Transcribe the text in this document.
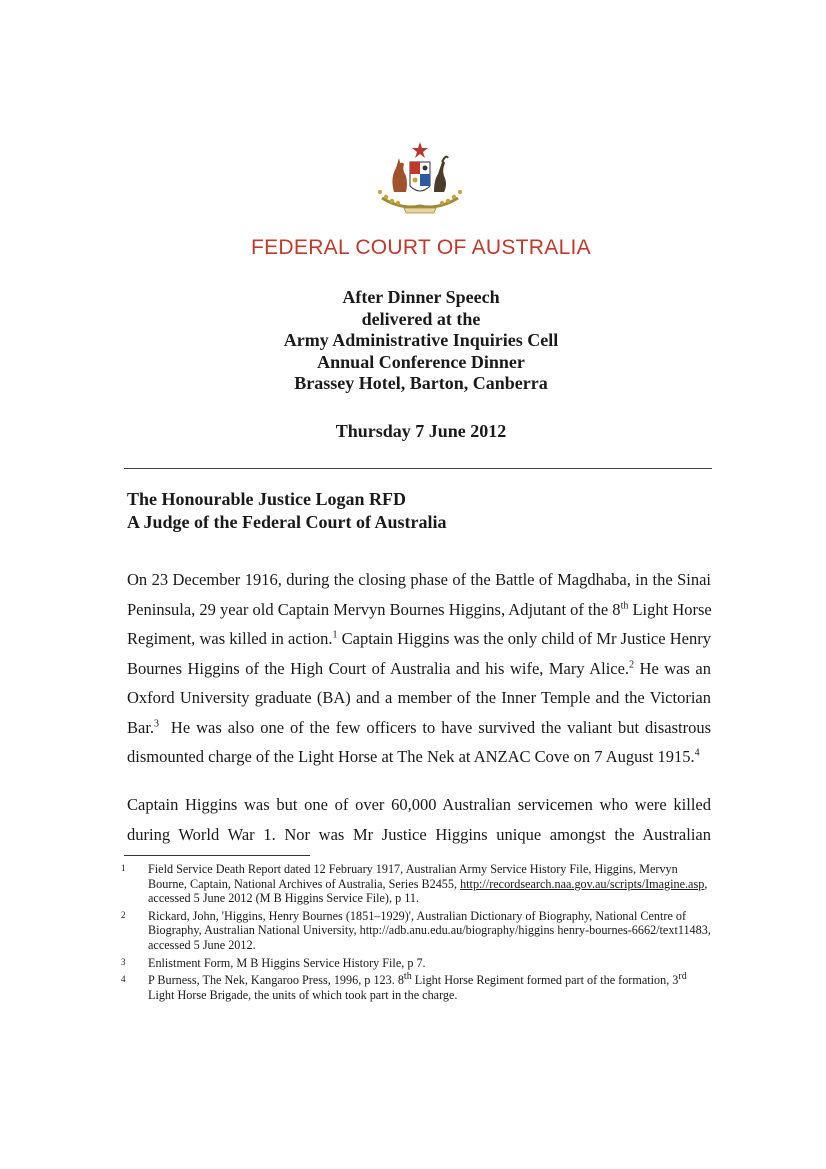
FEDERAL COURT OF AUSTRALIA
After Dinner Speech
delivered at the
Army Administrative Inquiries Cell
Annual Conference Dinner
Brassey Hotel, Barton, Canberra
Thursday 7 June 2012
The Honourable Justice Logan RFD
A Judge of the Federal Court of Australia
On 23 December 1916, during the closing phase of the Battle of Magdhaba, in the Sinai
Peninsula, 29 year old Captain Mervyn Bournes Higgins, Adjutant of the 8th Light Horse
Regiment, was killed in action.$^1$ Captain Higgins was the only child of Mr Justice Henry
Bournes Higgins of the High Court of Australia and his wife, Mary Alice.$^2$ He was an
Oxford University graduate (BA) and a member of the Inner Temple and the Victorian
Bar.$^3$  He was also one of the few officers to have survived the valiant but disastrous
dismounted charge of the Light Horse at The Nek at ANZAC Cove on 7 August 1915.$^4$
Captain Higgins was but one of over 60,000 Australian servicemen who were killed
during World War 1. Nor was Mr Justice Higgins unique amongst the Australian
1	Field Service Death Report dated 12 February 1917, Australian Army Service History File, Higgins, Mervyn Bourne, Captain, National Archives of Australia, Series B2455, http://recordsearch.naa.gov.au/scripts/Imagine.asp, accessed 5 June 2012 (M B Higgins Service File), p 11.
2	Rickard, John, 'Higgins, Henry Bournes (1851–1929)', Australian Dictionary of Biography, National Centre of Biography, Australian National University, http://adb.anu.edu.au/biography/higgins henry-bournes-6662/text11483, accessed 5 June 2012.
3	Enlistment Form, M B Higgins Service History File, p 7.
4	P Burness, The Nek, Kangaroo Press, 1996, p 123. 8th Light Horse Regiment formed part of the formation, 3rd Light Horse Brigade, the units of which took part in the charge.
